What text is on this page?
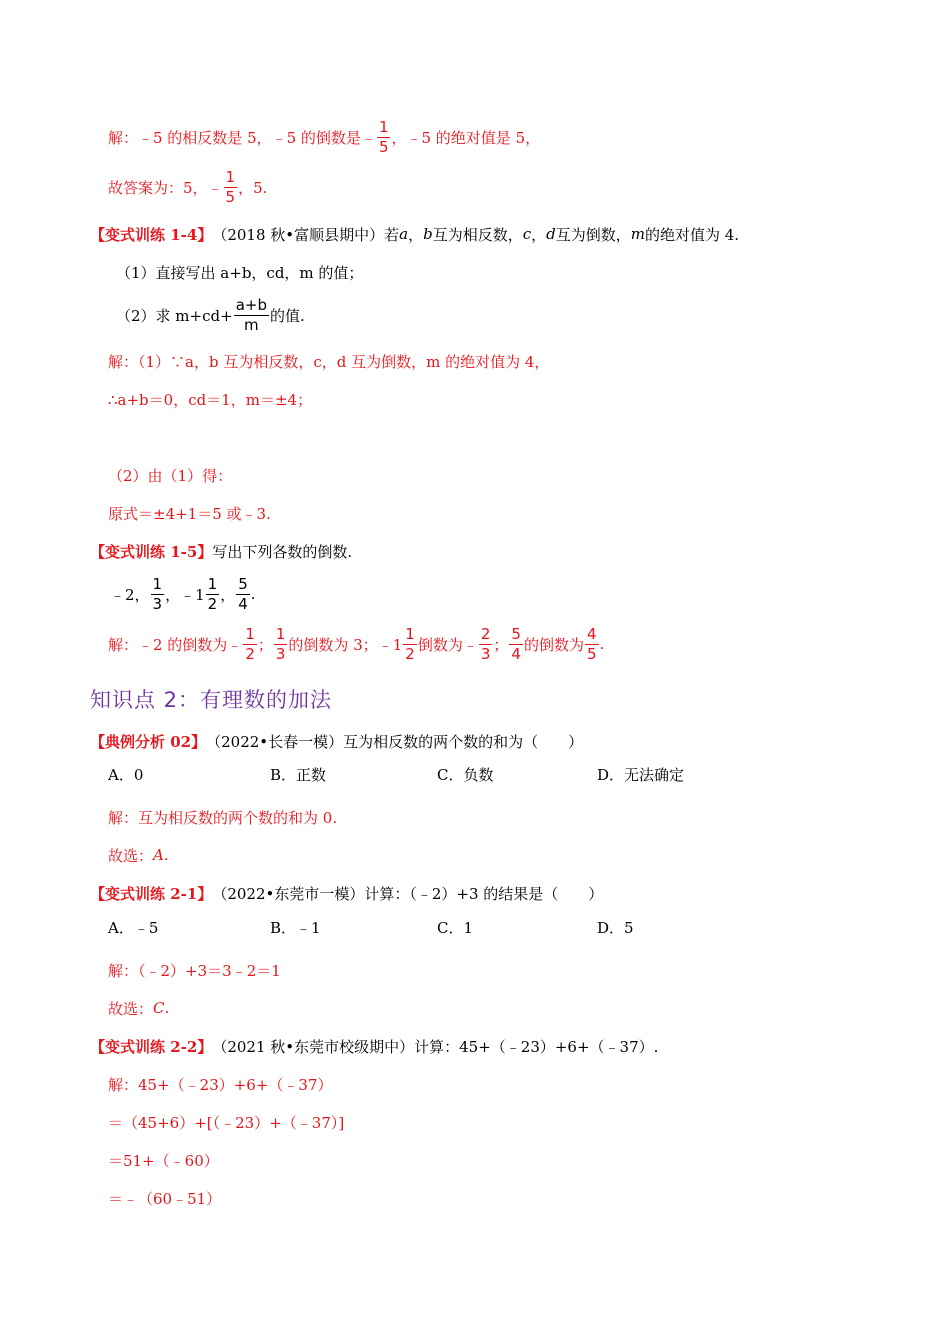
解：﹣5 的相反数是 5，﹣5 的倒数是﹣ $\frac{1}{5}$ ，﹣5 的绝对值是 5，
故答案为：5，﹣ $\frac{1}{5}$ ，5.
【变式训练 1-4】 （2018 秋•富顺县期中）若 a ， b 互为相反数， c ， d 互为倒数， m 的绝对值为 4.
（1）直接写出 a+b，cd，m 的值；
（2）求 $m+cd+ \frac{a+b}{m}$ 的值.
解：（1）∵a，b 互为相反数，c，d 互为倒数，m 的绝对值为 4，
∴a+b＝0，cd＝1，m＝±4；
（2）由（1）得：
原式＝±4+1＝5 或﹣3.
【变式训练 1-5】 写出下列各数的倒数.
﹣2， $\frac{1}{3}$ ，﹣1 $\frac{1}{2}$ ， $\frac{5}{4}$ .
解：﹣2 的倒数为﹣ $\frac{1}{2}$ ； $\frac{1}{3}$ 的倒数为 3；﹣1 $\frac{1}{2}$ 倒数为﹣ $\frac{2}{3}$ ； $\frac{5}{4}$ 的倒数为 $\frac{4}{5}$ .
知识点 2：有理数的加法
【典例分析 02】 （2022•长春一模）互为相反数的两个数的和为（　　）
A．0	B．正数	C．负数	D．无法确定
解：互为相反数的两个数的和为 0.
故选： A .
【变式训练 2-1】 （2022•东莞市一模）计算：（﹣2）+3 的结果是（　　）
A．﹣5	B．﹣1	C．1	D．5
解：（﹣2）+3＝3﹣2＝1
故选： C .
【变式训练 2-2】 （2021 秋•东莞市校级期中）计算：45+（﹣23）+6+（﹣37）.
解：45+（﹣23）+6+（﹣37）
＝（45+6）+[（﹣23）+（﹣37）]
＝51+（﹣60）
＝﹣（60﹣51）
